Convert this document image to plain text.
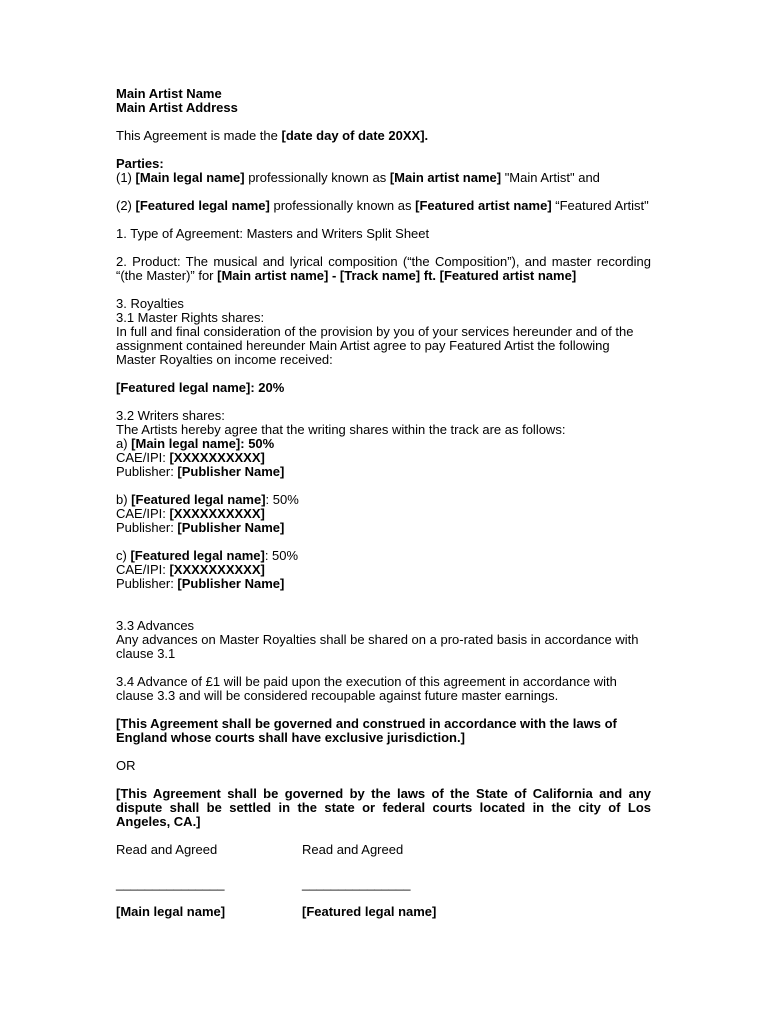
Main Artist Name
Main Artist Address
This Agreement is made the [date day of date 20XX].
Parties:
(1) [Main legal name] professionally known as [Main artist name] "Main Artist" and
(2) [Featured legal name] professionally known as [Featured artist name] “Featured Artist"
1. Type of Agreement: Masters and Writers Split Sheet
2. Product: The musical and lyrical composition (“the Composition”), and master recording “(the Master)” for [Main artist name] - [Track name] ft. [Featured artist name]
3. Royalties
3.1 Master Rights shares:
In full and final consideration of the provision by you of your services hereunder and of the assignment contained hereunder Main Artist agree to pay Featured Artist the following Master Royalties on income received:
[Featured legal name]: 20%
3.2 Writers shares:
The Artists hereby agree that the writing shares within the track are as follows:
a) [Main legal name]: 50%
CAE/IPI: [XXXXXXXXXX]
Publisher: [Publisher Name]
b) [Featured legal name]: 50%
CAE/IPI: [XXXXXXXXXX]
Publisher: [Publisher Name]
c) [Featured legal name]: 50%
CAE/IPI: [XXXXXXXXXX]
Publisher: [Publisher Name]
3.3 Advances
Any advances on Master Royalties shall be shared on a pro-rated basis in accordance with clause 3.1
3.4 Advance of £1 will be paid upon the execution of this agreement in accordance with clause 3.3 and will be considered recoupable against future master earnings.
[This Agreement shall be governed and construed in accordance with the laws of England whose courts shall have exclusive jurisdiction.]
OR
[This Agreement shall be governed by the laws of the State of California and any dispute shall be settled in the state or federal courts located in the city of Los Angeles, CA.]
Read and Agreed	Read and Agreed
_______________	_______________
[Main legal name]	[Featured legal name]
